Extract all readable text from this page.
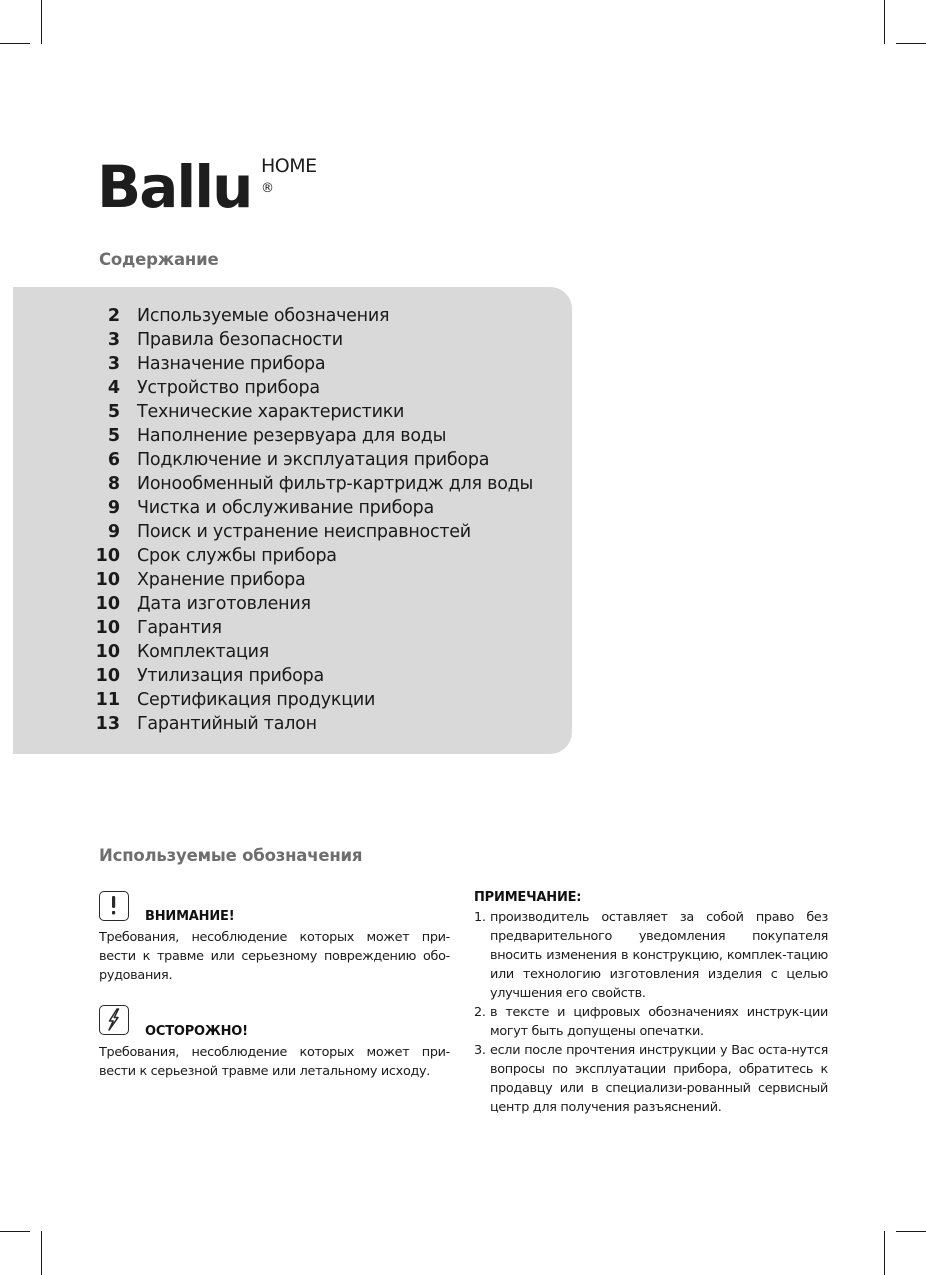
Ballu HOME
®
Содержание
2 Используемые обозначения
3 Правила безопасности
3 Назначение прибора
4 Устройство прибора
5 Технические характеристики
5 Наполнение резервуара для воды
6 Подключение и эксплуатация прибора
8 Ионообменный фильтр-картридж для воды
9 Чистка и обслуживание прибора
9 Поиск и устранение неисправностей
10 Срок службы прибора
10 Хранение прибора
10 Дата изготовления
10 Гарантия
10 Комплектация
10 Утилизация прибора
11 Сертификация продукции
13 Гарантийный талон
Используемые обозначения
ВНИМАНИЕ!
Требования, несоблюдение которых может при-вести к травме или серьезному повреждению обо-рудования.
ОСТОРОЖНО!
Требования, несоблюдение которых может при-вести к серьезной травме или летальному исходу.
ПРИМЕЧАНИЕ:
1. производитель оставляет за собой право без предварительного уведомления покупателя вносить изменения в конструкцию, комплек-тацию или технологию изготовления изделия с целью улучшения его свойств.
2. в тексте и цифровых обозначениях инструк-ции могут быть допущены опечатки.
3. если после прочтения инструкции у Вас оста-нутся вопросы по эксплуатации прибора, обратитесь к продавцу или в специализи-рованный сервисный центр для получения разъяснений.
